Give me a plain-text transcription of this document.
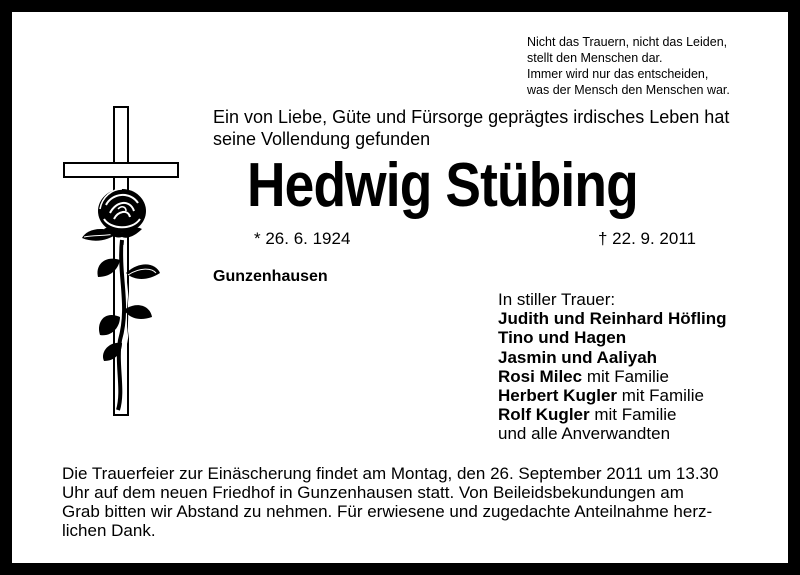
Nicht das Trauern, nicht das Leiden,
stellt den Menschen dar.
Immer wird nur das entscheiden,
was der Mensch den Menschen war.
Ein von Liebe, Güte und Fürsorge geprägtes irdisches Leben hat
seine Vollendung gefunden
Hedwig Stübing
* 26. 6. 1924	† 22. 9. 2011
Gunzenhausen
In stiller Trauer:
Judith und Reinhard Höfling
Tino und Hagen
Jasmin und Aaliyah
Rosi Milec mit Familie
Herbert Kugler mit Familie
Rolf Kugler mit Familie
und alle Anverwandten
Die Trauerfeier zur Einäscherung findet am Montag, den 26. September 2011 um 13.30
Uhr auf dem neuen Friedhof in Gunzenhausen statt. Von Beileidsbekundungen am
Grab bitten wir Abstand zu nehmen. Für erwiesene und zugedachte Anteilnahme herz-
lichen Dank.
